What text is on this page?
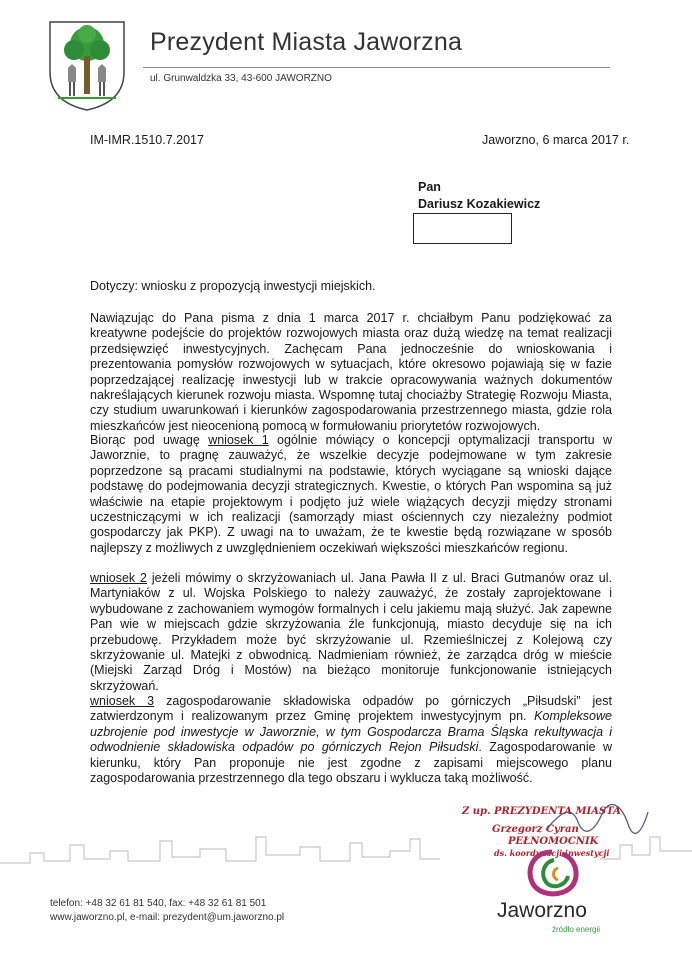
Prezydent Miasta Jaworzna
ul. Grunwaldzka 33, 43-600 JAWORZNO
IM-IMR.1510.7.2017	Jaworzno, 6 marca 2017 r.
Pan
Dariusz Kozakiewicz
Dotyczy: wniosku z propozycją inwestycji miejskich.
Nawiązując do Pana pisma z dnia 1 marca 2017 r. chciałbym Panu podziękować za kreatywne podejście do projektów rozwojowych miasta oraz dużą wiedzę na temat realizacji przedsięwzięć inwestycyjnych. Zachęcam Pana jednocześnie do wnioskowania i prezentowania pomysłów rozwojowych w sytuacjach, które okresowo pojawiają się w fazie poprzedzającej realizację inwestycji lub w trakcie opracowywania ważnych dokumentów nakreślających kierunek rozwoju miasta. Wspomnę tutaj chociażby Strategię Rozwoju Miasta, czy studium uwarunkowań i kierunków zagospodarowania przestrzennego miasta, gdzie rola mieszkańców jest nieocenioną pomocą w formułowaniu priorytetów rozwojowych.
Biorąc pod uwagę wniosek 1 ogólnie mówiący o koncepcji optymalizacji transportu w Jaworznie, to pragnę zauważyć, że wszelkie decyzje podejmowane w tym zakresie poprzedzone są pracami studialnymi na podstawie, których wyciągane są wnioski dające podstawę do podejmowania decyzji strategicznych. Kwestie, o których Pan wspomina są już właściwie na etapie projektowym i podjęto już wiele wiążących decyzji między stronami uczestniczącymi w ich realizacji (samorządy miast ościennych czy niezależny podmiot gospodarczy jak PKP). Z uwagi na to uważam, że te kwestie będą rozwiązane w sposób najlepszy z możliwych z uwzględnieniem oczekiwań większości mieszkańców regionu.
wniosek 2 jeżeli mówimy o skrzyżowaniach ul. Jana Pawła II z ul. Braci Gutmanów oraz ul. Martyniaków z ul. Wojska Polskiego to należy zauważyć, że zostały zaprojektowane i wybudowane z zachowaniem wymogów formalnych i celu jakiemu mają służyć. Jak zapewne Pan wie w miejscach gdzie skrzyżowania źle funkcjonują, miasto decyduje się na ich przebudowę. Przykładem może być skrzyżowanie ul. Rzemieślniczej z Kolejową czy skrzyżowanie ul. Matejki z obwodnicą. Nadmieniam również, że zarządca dróg w mieście (Miejski Zarząd Dróg i Mostów) na bieżąco monitoruje funkcjonowanie istniejących skrzyżowań.
wniosek 3 zagospodarowanie składowiska odpadów po górniczych „Piłsudski” jest zatwierdzonym i realizowanym przez Gminę projektem inwestycyjnym pn. Kompleksowe uzbrojenie pod inwestycje w Jaworznie, w tym Gospodarcza Brama Śląska rekultywacja i odwodnienie składowiska odpadów po górniczych Rejon Piłsudski. Zagospodarowanie w kierunku, który Pan proponuje nie jest zgodne z zapisami miejscowego planu zagospodarowania przestrzennego dla tego obszaru i wyklucza taką możliwość.
Z up. PREZYDENTA MIASTA
Grzegorz Cyran
PEŁNOMOCNIK
ds. koordynacji inwestycji
telefon: +48 32 61 81 540, fax: +48 32 61 81 501
www.jaworzno.pl, e-mail: prezydent@um.jaworzno.pl	Jaworzno
źródło energii
